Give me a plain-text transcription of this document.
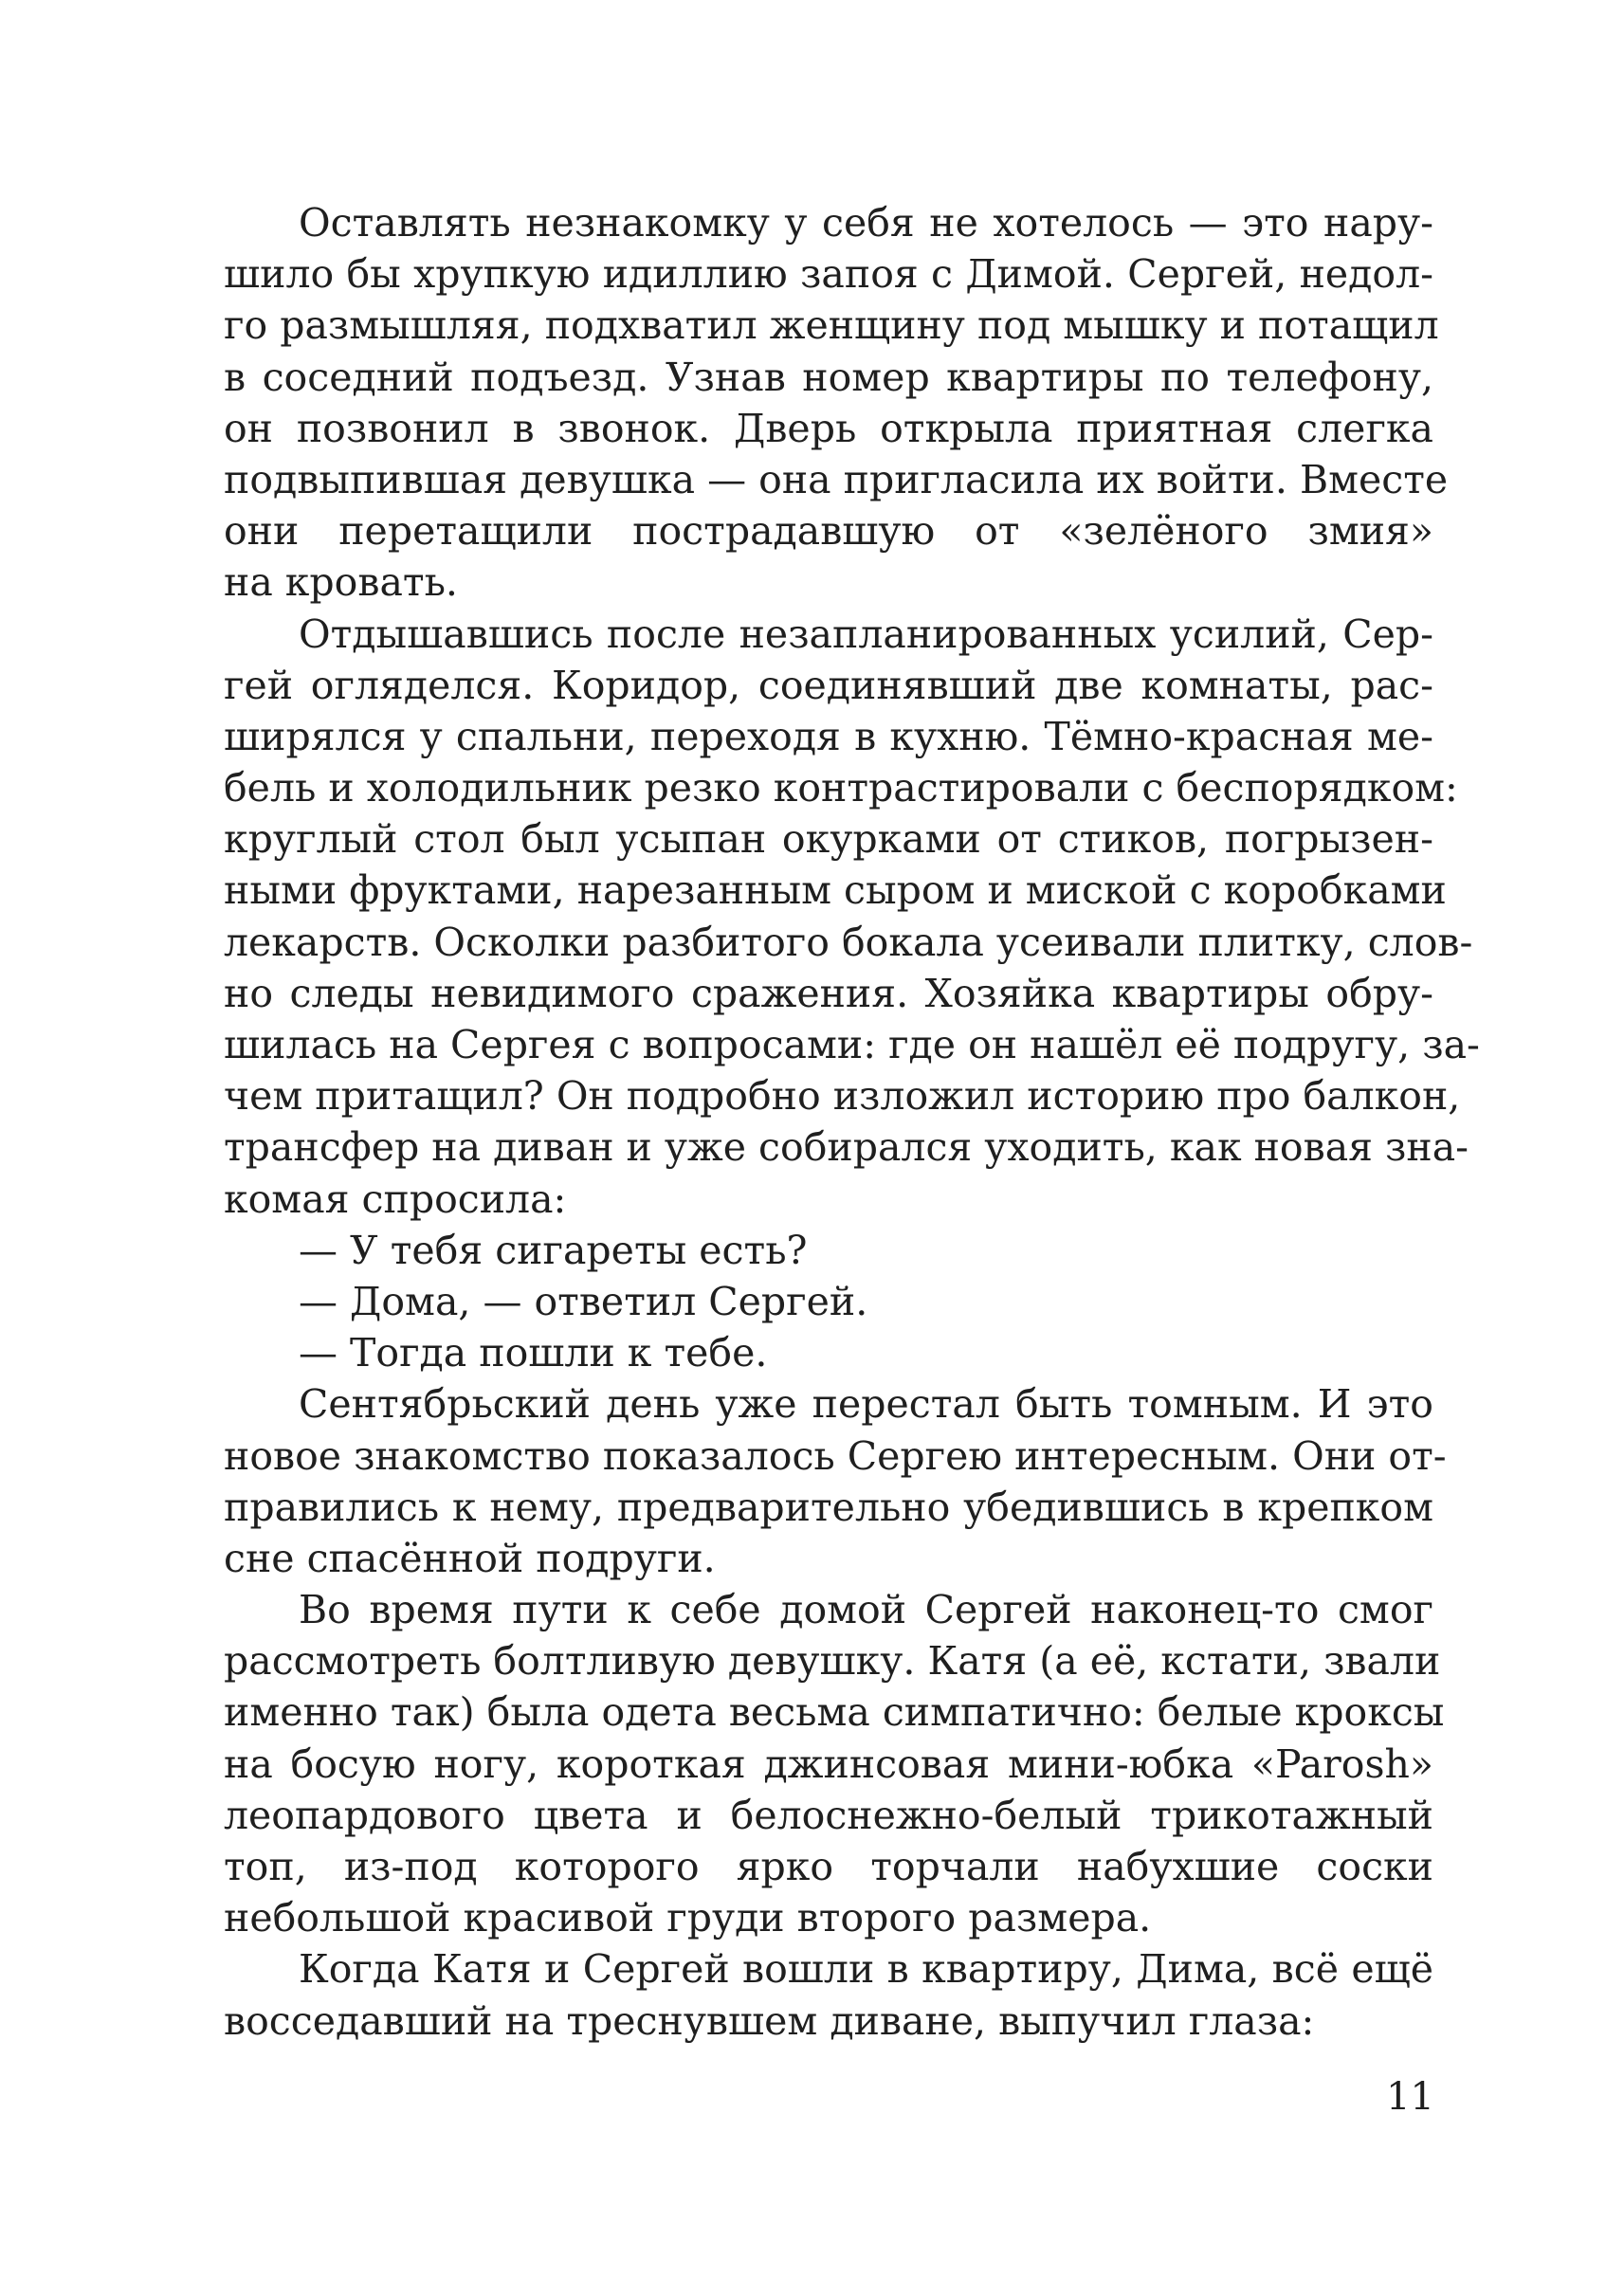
Оставлять незнакомку у себя не хотелось — это нару-
шило бы хрупкую идиллию запоя с Димой. Сергей, недол-
го размышляя, подхватил женщину под мышку и потащил
в соседний подъезд. Узнав номер квартиры по телефону,
он позвонил в звонок. Дверь открыла приятная слегка
подвыпившая девушка — она пригласила их войти. Вместе
они перетащили пострадавшую от «зелёного змия»
на кровать.
Отдышавшись после незапланированных усилий, Сер-
гей огляделся. Коридор, соединявший две комнаты, рас-
ширялся у спальни, переходя в кухню. Тёмно-красная ме-
бель и холодильник резко контрастировали с беспорядком:
круглый стол был усыпан окурками от стиков, погрызен-
ными фруктами, нарезанным сыром и миской с коробками
лекарств. Осколки разбитого бокала усеивали плитку, слов-
но следы невидимого сражения. Хозяйка квартиры обру-
шилась на Сергея с вопросами: где он нашёл её подругу, за-
чем притащил? Он подробно изложил историю про балкон,
трансфер на диван и уже собирался уходить, как новая зна-
комая спросила:
— У тебя сигареты есть?
— Дома, — ответил Сергей.
— Тогда пошли к тебе.
Сентябрьский день уже перестал быть томным. И это
новое знакомство показалось Сергею интересным. Они от-
правились к нему, предварительно убедившись в крепком
сне спасённой подруги.
Во время пути к себе домой Сергей наконец-то смог
рассмотреть болтливую девушку. Катя (а её, кстати, звали
именно так) была одета весьма симпатично: белые кроксы
на босую ногу, короткая джинсовая мини-юбка «Parosh»
леопардового цвета и белоснежно-белый трикотажный
топ, из-под которого ярко торчали набухшие соски
небольшой красивой груди второго размера.
Когда Катя и Сергей вошли в квартиру, Дима, всё ещё
восседавший на треснувшем диване, выпучил глаза:
11
